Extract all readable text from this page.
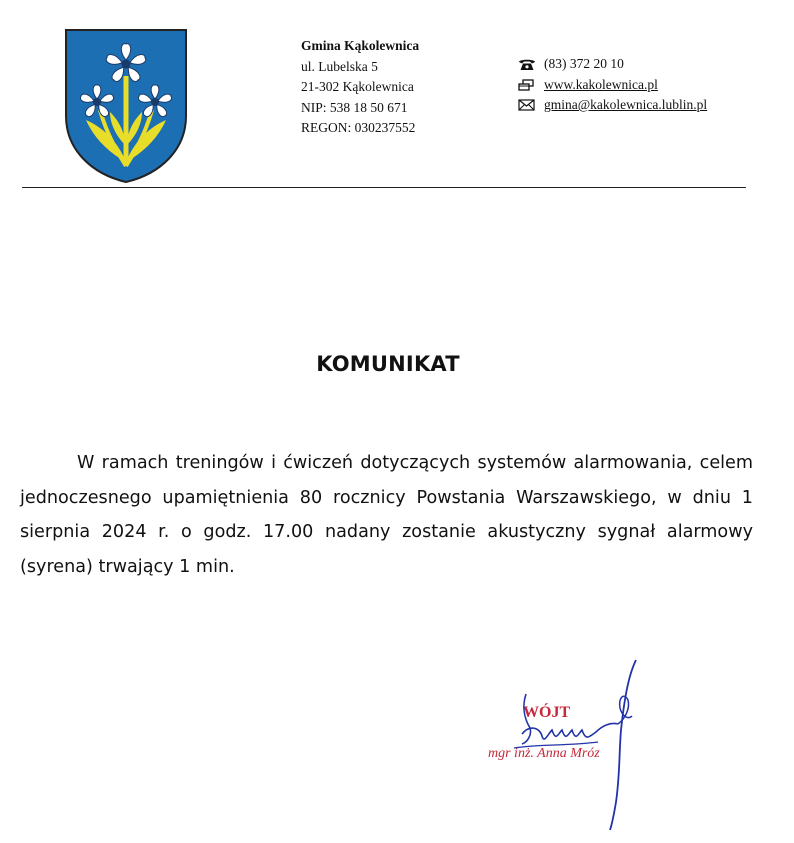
Gmina Kąkolewnica
ul. Lubelska 5
21-302 Kąkolewnica
NIP: 538 18 50 671
REGON: 030237552
(83) 372 20 10
www.kakolewnica.pl
gmina@kakolewnica.lublin.pl
KOMUNIKAT
W ramach treningów i ćwiczeń dotyczących systemów alarmowania, celem jednoczesnego upamiętnienia 80 rocznicy Powstania Warszawskiego, w dniu 1 sierpnia 2024 r. o godz. 17.00 nadany zostanie akustyczny sygnał alarmowy (syrena) trwający 1 min.
WÓJT
mgr inż. Anna Mróz
